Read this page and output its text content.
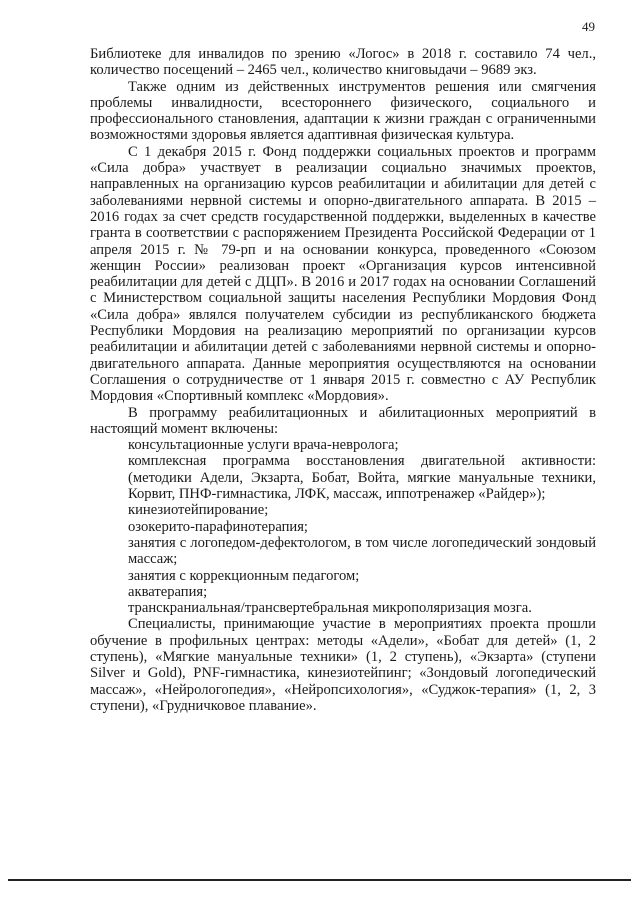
49

Библиотеке для инвалидов по зрению «Логос» в 2018 г. составило 74 чел., количество посещений – 2465 чел., количество книговыдачи – 9689 экз.

Также одним из действенных инструментов решения или смягчения проблемы инвалидности, всестороннего физического, социального и профессионального становления, адаптации к жизни граждан с ограниченными возможностями здоровья является адаптивная физическая культура.

С 1 декабря 2015 г. Фонд поддержки социальных проектов и программ «Сила добра» участвует в реализации социально значимых проектов, направленных на организацию курсов реабилитации и абилитации для детей с заболеваниями нервной системы и опорно-двигательного аппарата. В 2015 – 2016 годах за счет средств государственной поддержки, выделенных в качестве гранта в соответствии с распоряжением Президента Российской Федерации от 1 апреля 2015 г. № 79-рп и на основании конкурса, проведенного «Союзом женщин России» реализован проект «Организация курсов интенсивной реабилитации для детей с ДЦП». В 2016 и 2017 годах на основании Соглашений с Министерством социальной защиты населения Республики Мордовия Фонд «Сила добра» являлся получателем субсидии из республиканского бюджета Республики Мордовия на реализацию мероприятий по организации курсов реабилитации и абилитации детей с заболеваниями нервной системы и опорно-двигательного аппарата. Данные мероприятия осуществляются на основании Соглашения о сотрудничестве от 1 января 2015 г. совместно с АУ Республик Мордовия «Спортивный комплекс «Мордовия».

В программу реабилитационных и абилитационных мероприятий в настоящий момент включены:

консультационные услуги врача-невролога;

комплексная программа восстановления двигательной активности: (методики Адели, Экзарта, Бобат, Войта, мягкие мануальные техники, Корвит, ПНФ-гимнастика, ЛФК, массаж, иппотренажер «Райдер»);

кинезиотейпирование;

озокерито-парафинотерапия;

занятия с логопедом-дефектологом, в том числе логопедический зондовый массаж;

занятия с коррекционным педагогом;

акватерапия;

транскраниальная/трансвертебральная микрополяризация мозга.

Специалисты, принимающие участие в мероприятиях проекта прошли обучение в профильных центрах: методы «Адели», «Бобат для детей» (1, 2 ступень), «Мягкие мануальные техники» (1, 2 ступень), «Экзарта» (ступени Silver и Gold), PNF-гимнастика, кинезиотейпинг; «Зондовый логопедический массаж», «Нейрологопедия», «Нейропсихология», «Суджок-терапия» (1, 2, 3 ступени), «Грудничковое плавание».
